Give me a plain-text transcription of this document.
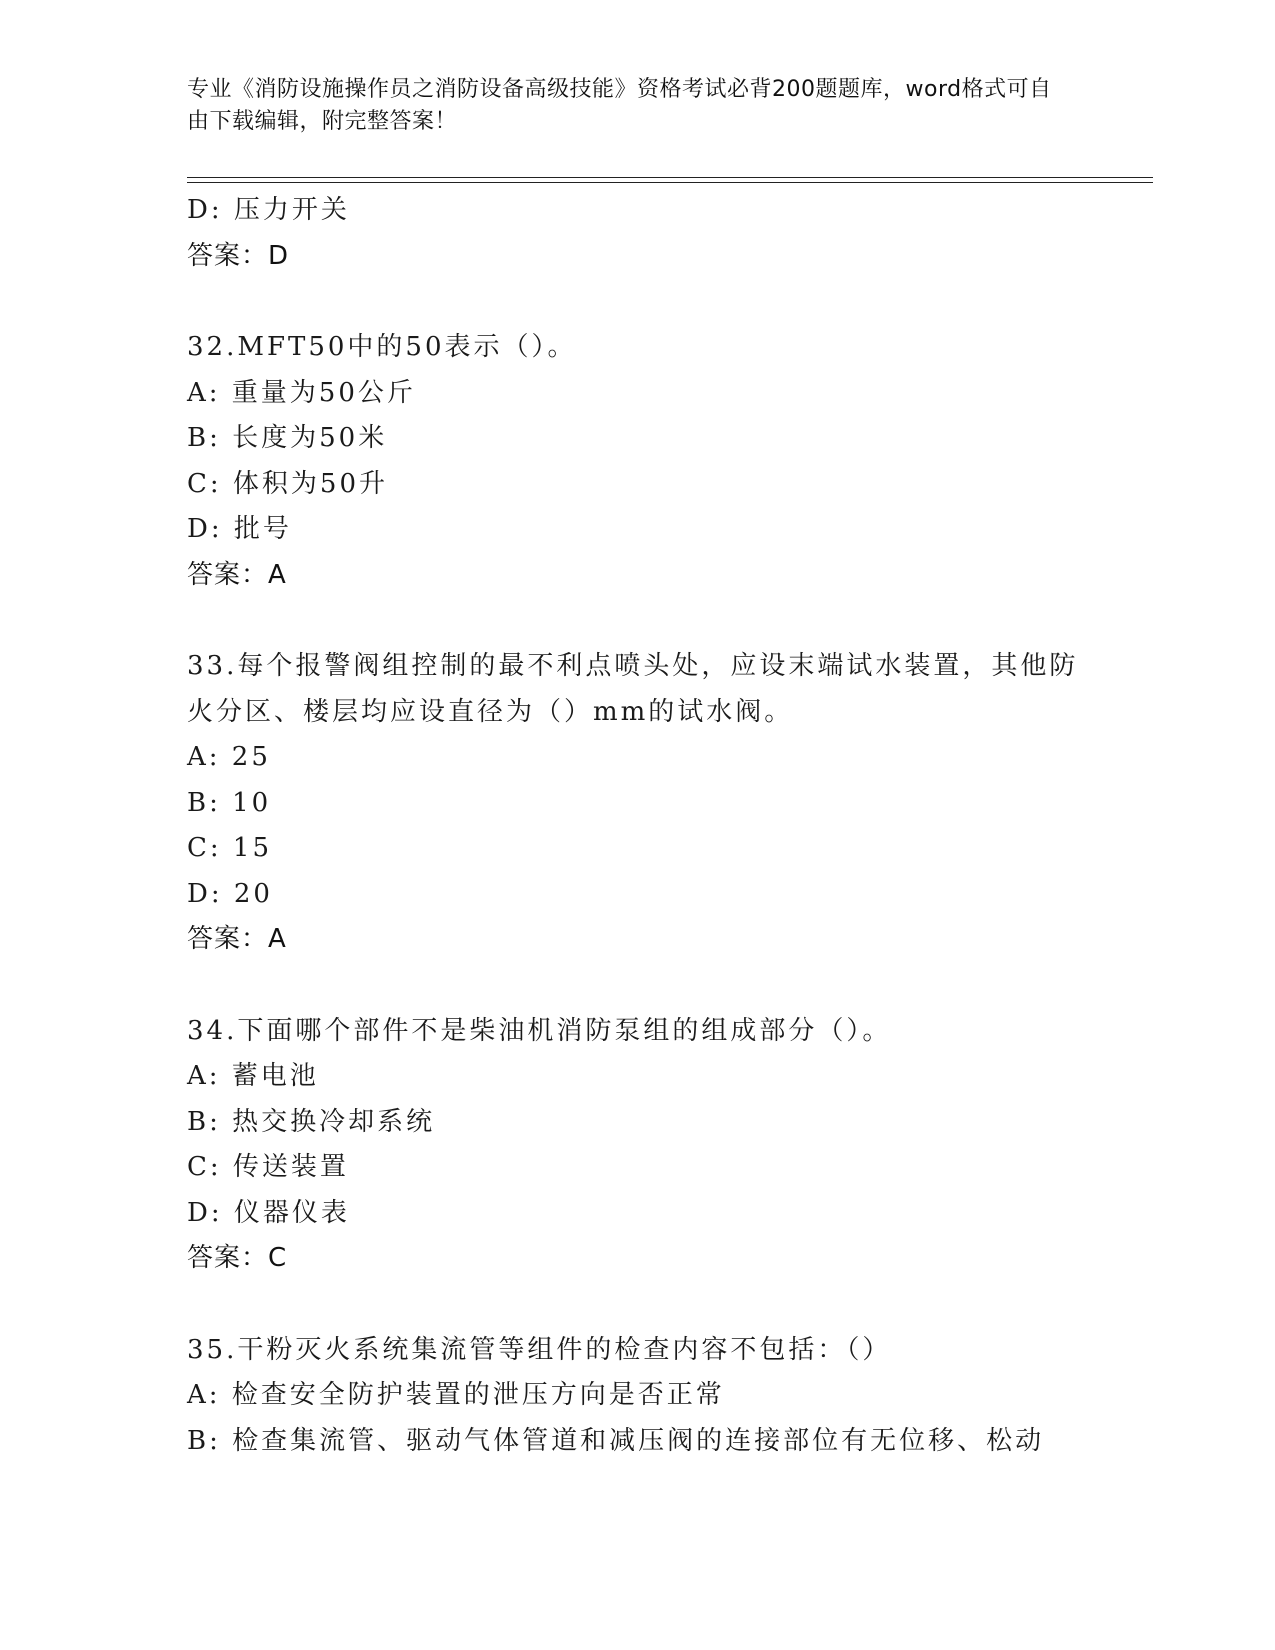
专业《消防设施操作员之消防设备高级技能》资格考试必背200题题库，word格式可自由下载编辑，附完整答案！
D: 压力开关
答案：D
32.MFT50中的50表示（）。
A: 重量为50公斤
B: 长度为50米
C: 体积为50升
D: 批号
答案：A
33.每个报警阀组控制的最不利点喷头处，应设末端试水装置，其他防火分区、楼层均应设直径为（）mm的试水阀。
A: 25
B: 10
C: 15
D: 20
答案：A
34.下面哪个部件不是柴油机消防泵组的组成部分（）。
A: 蓄电池
B: 热交换冷却系统
C: 传送装置
D: 仪器仪表
答案：C
35.干粉灭火系统集流管等组件的检查内容不包括：（）
A: 检查安全防护装置的泄压方向是否正常
B: 检查集流管、驱动气体管道和减压阀的连接部位有无位移、松动
